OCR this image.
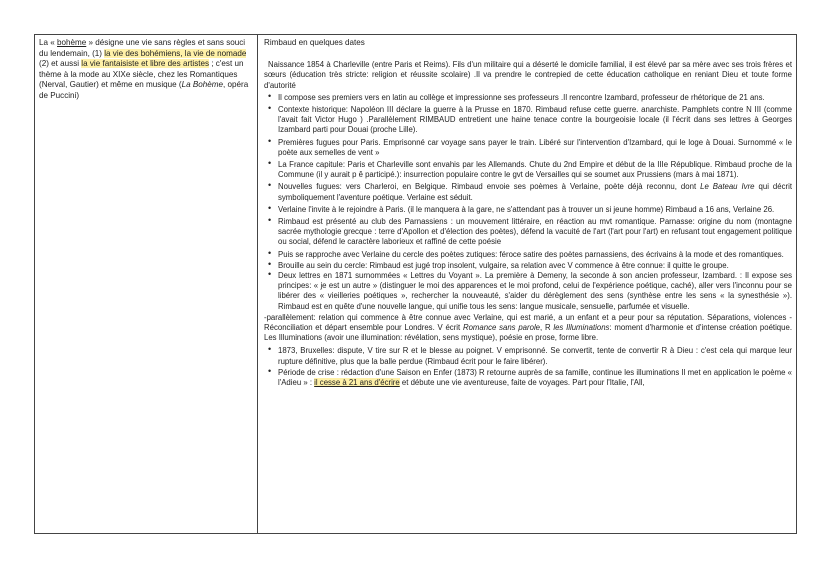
La « bohème » désigne une vie sans règles et sans souci du lendemain, (1) la vie des bohémiens, la vie de nomade (2) et aussi la vie fantaisiste et libre des artistes ; c'est un thème à la mode au XIXe siècle, chez les Romantiques (Nerval, Gautier) et même en musique (La Bohème, opéra de Puccini)

Rimbaud en quelques dates

Naissance 1854 à Charleville (entre Paris et Reims). Fils d'un militaire qui a déserté le domicile familial, il est élevé par sa mère avec ses trois frères et sœurs (éducation très stricte: religion et réussite scolaire) .Il va prendre le contrepied de cette éducation catholique en reniant Dieu et toute forme d'autorité

• Il compose ses premiers vers en latin au collège et impressionne ses professeurs .Il rencontre Izambard, professeur de rhétorique de 21 ans.
• Contexte historique: Napoléon III déclare la guerre à la Prusse en 1870. Rimbaud refuse cette guerre. anarchiste. Pamphlets contre N III (comme l'avait fait Victor Hugo ) .Parallèlement RIMBAUD entretient une haine tenace contre la bourgeoisie locale (il l'écrit dans ses lettres à Georges Izambard parti pour Douai (proche Lille).
• Premières fugues pour Paris. Emprisonné car voyage sans payer le train. Libéré sur l'intervention d'Izambard, qui le loge à Douai. Surnommé « le poète aux semelles de vent »
• La France capitule: Paris et Charleville sont envahis par les Allemands. Chute du 2nd Empire et début de la IIIe République. Rimbaud proche de la Commune (il y aurait p ê participé.): insurrection populaire contre le gvt de Versailles qui se soumet aux Prussiens (mars à mai 1871).
• Nouvelles fugues: vers Charleroi, en Belgique. Rimbaud envoie ses poèmes à Verlaine, poète déjà reconnu, dont Le Bateau Ivre qui décrit symboliquement l'aventure poétique. Verlaine est séduit.
• Verlaine l'invite à le rejoindre à Paris. (il le manquera à la gare, ne s'attendant pas à trouver un si jeune homme) Rimbaud a 16 ans, Verlaine 26.
• Rimbaud est présenté au club des Parnassiens : un mouvement littéraire, en réaction au mvt romantique. Parnasse: origine du nom (montagne sacrée mythologie grecque : terre d'Apollon et d'élection des poètes), défend la vacuité de l'art (l'art pour l'art) en refusant tout engagement politique ou social, défend le caractère laborieux et raffiné de cette poésie
• Puis se rapproche avec Verlaine du cercle des poètes zutiques: féroce satire des poètes parnassiens, des écrivains à la mode et des romantiques.
• Brouille au sein du cercle: Rimbaud est jugé trop insolent, vulgaire, sa relation avec V commence à être connue: il quitte le groupe.
• Deux lettres en 1871 surnommées « Lettres du Voyant ». La première à Demeny, la seconde à son ancien professeur, Izambard. : Il expose ses principes: « je est un autre » (distinguer le moi des apparences et le moi profond, celui de l'expérience poétique, caché), aller vers l'inconnu pour se libérer des « vieilleries poétiques », rechercher la nouveauté, s'aider du dérèglement des sens (synthèse entre les sens « la synesthésie »). Rimbaud est en quête d'une nouvelle langue, qui unifie tous les sens: langue musicale, sensuelle, parfumée et visuelle.

-parallèlement: relation qui commence à être connue avec Verlaine, qui est marié, a un enfant et a peur pour sa réputation. Séparations, violences - Réconciliation et départ ensemble pour Londres. V écrit Romance sans parole, R les Illuminations: moment d'harmonie et d'intense création poétique. Les Illuminations (avoir une illumination: révélation, sens mystique), poésie en prose, forme libre.

• 1873, Bruxelles: dispute, V tire sur R et le blesse au poignet. V emprisonné. Se convertit, tente de convertir R à Dieu : c'est cela qui marque leur rupture définitive, plus que la balle perdue (Rimbaud écrit pour le faire libérer).
• Période de crise : rédaction d'une Saison en Enfer (1873) R retourne auprès de sa famille, continue les illuminations Il met en application le poème « l'Adieu » : il cesse à 21 ans d'écrire et débute une vie aventureuse, faite de voyages. Part pour l'Italie, l'All,
